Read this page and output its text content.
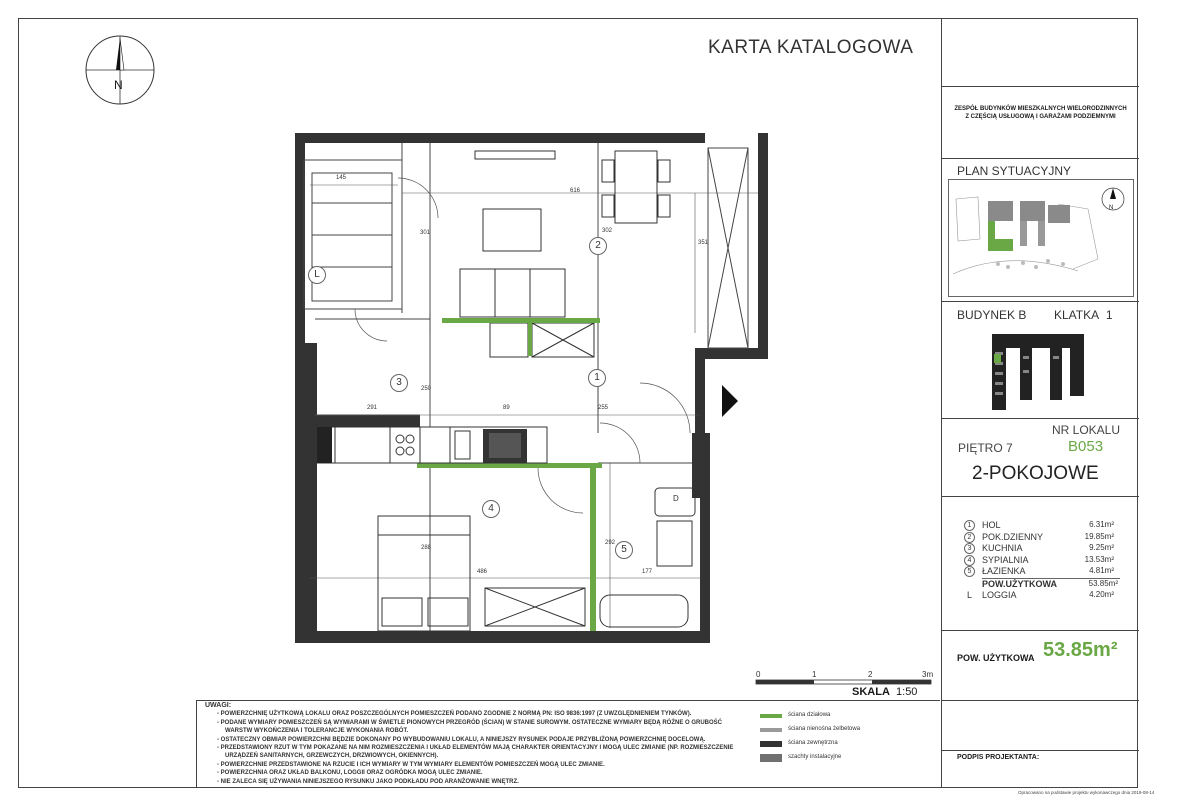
N
KARTA KATALOGOWA
1
2
3
4
5
L
145
616
301	302
351
291	89	255
250
288
486
292
177
D
0	1	2	3m
SKALA 1:50
UWAGI:
- POWIERZCHNIĘ UŻYTKOWĄ LOKALU ORAZ POSZCZEGÓLNYCH POMIESZCZEŃ PODANO ZGODNIE Z NORMĄ PN: ISO 9836:1997 (Z UWZGLĘDNIENIEM TYNKÓW).
- PODANE WYMIARY POMIESZCZEŃ SĄ WYMIARAMI W ŚWIETLE PIONOWYCH PRZEGRÓD (ŚCIAN) W STANIE SUROWYM. OSTATECZNE WYMIARY BĘDĄ RÓŻNE O GRUBOŚĆ
WARSTW WYKOŃCZENIA I TOLERANCJE WYKONANIA ROBÓT.
- OSTATECZNY OBMIAR POWIERZCHNI BĘDZIE DOKONANY PO WYBUDOWANIU LOKALU, A NINIEJSZY RYSUNEK PODAJE PRZYBLIŻONĄ POWIERZCHNIĘ DOCELOWĄ.
- PRZEDSTAWIONY RZUT W TYM POKAZANE NA NIM ROZMIESZCZENIA I UKŁAD ELEMENTÓW MAJĄ CHARAKTER ORIENTACYJNY I MOGĄ ULEC ZMIANIE (NP. ROZMIESZCZENIE
URZĄDZEŃ SANITARNYCH, GRZEWCZYCH, DRZWIOWYCH, OKIENNYCH).
- POWIERZCHNIE PRZEDSTAWIONE NA RZUCIE I ICH WYMIARY W TYM WYMIARY ELEMENTÓW POMIESZCZEŃ MOGĄ ULEC ZMIANIE.
- POWIERZCHNIA ORAZ UKŁAD BALKONU, LOGGII ORAZ OGRÓDKA MOGĄ ULEC ZMIANIE.
- NIE ZALECA SIĘ UŻYWANIA NINIEJSZEGO RYSUNKU JAKO PODKŁADU POD ARANŻOWANIE WNĘTRZ.
ściana działowa
ściana nienośna żelbetowa
ściana zewnętrzna
szachty instalacyjne
ZESPÓŁ BUDYNKÓW MIESZKALNYCH WIELORODZINNYCH
Z CZĘŚCIĄ USŁUGOWĄ I GARAŻAMI PODZIEMNYMI
PLAN SYTUACYJNY
N
BUDYNEK B KLATKA 1
NR LOKALU
PIĘTRO 7	B053
2-POKOJOWE
1	HOL	6.31m²
2	POK.DZIENNY	19.85m²
3	KUCHNIA	9.25m²
4	SYPIALNIA	13.53m²
5	ŁAZIENKA	4.81m²
POW.UŻYTKOWA	53.85m²
L LOGGIA	4.20m²
POW. UŻYTKOWA 53.85m²
PODPIS PROJEKTANTA:
Opracowano na podstawie projektu wykonawczego dnia 2019-08-14
